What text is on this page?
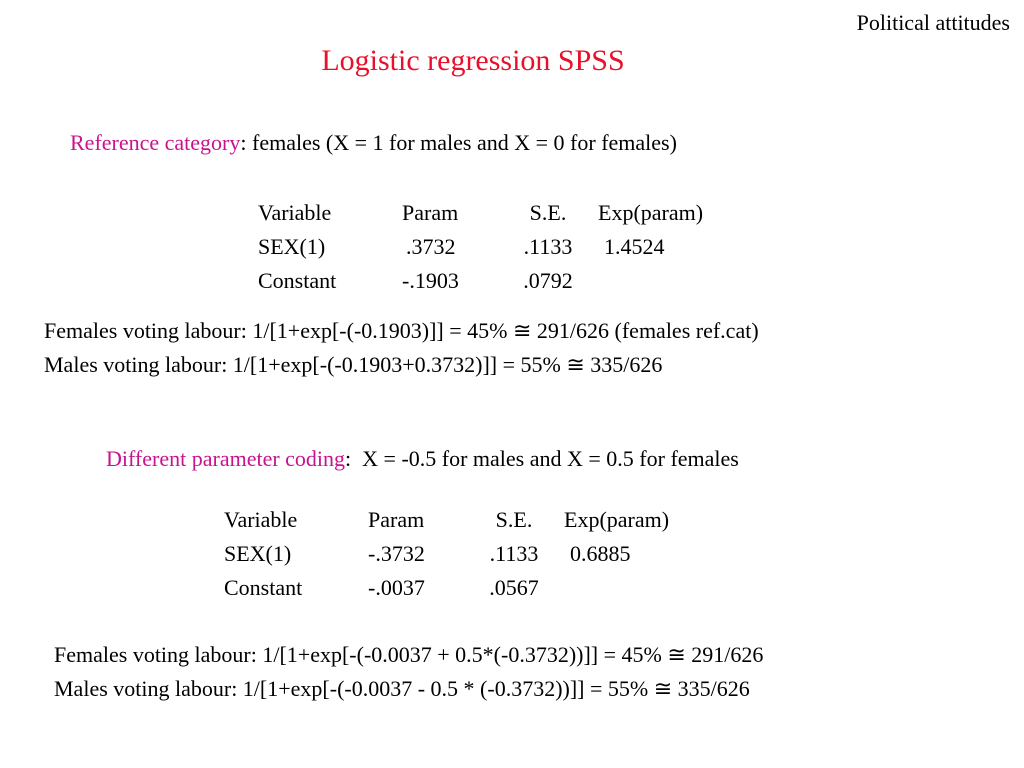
Political attitudes
Logistic regression SPSS
Reference category: females (X = 1 for males and X = 0 for females)
Variable	Param	S.E.	Exp(param)
SEX(1)	.3732	.1133	1.4524
Constant	-.1903	.0792	
Females voting labour: 1/[1+exp[-(-0.1903)]] = 45% ≅ 291/626 (females ref.cat)
Males voting labour: 1/[1+exp[-(-0.1903+0.3732)]] = 55% ≅ 335/626
Different parameter coding:  X = -0.5 for males and X = 0.5 for females
Variable	Param	S.E.	Exp(param)
SEX(1)	-.3732	.1133	0.6885
Constant	-.0037	.0567	
Females voting labour: 1/[1+exp[-(-0.0037 + 0.5*(-0.3732))]] = 45% ≅ 291/626
Males voting labour: 1/[1+exp[-(-0.0037 - 0.5 * (-0.3732))]] = 55% ≅ 335/626
